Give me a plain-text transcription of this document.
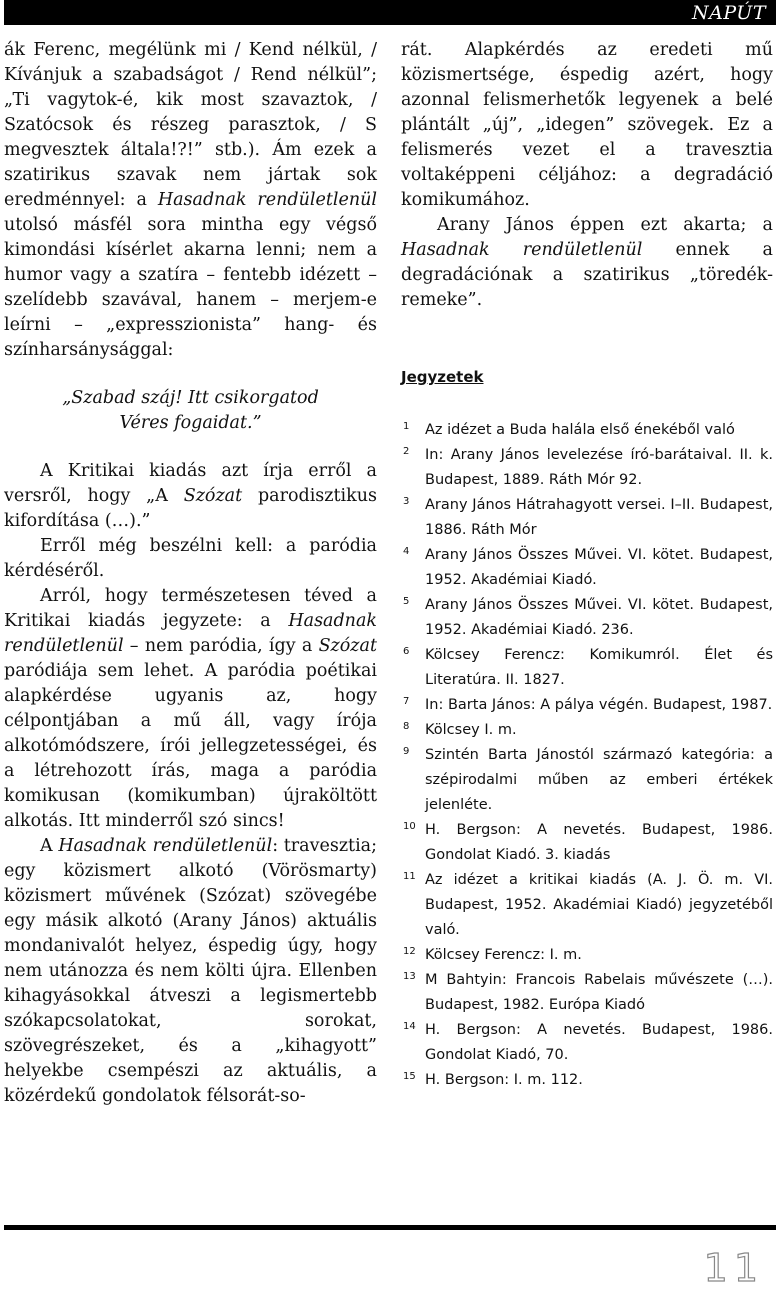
NAPÚT

ák Ferenc, megélünk mi / Kend nélkül, / Kívánjuk a szabadságot / Rend nélkül”; „Ti vagytok-é, kik most szavaztok, / Szatócsok és részeg parasztok, / S megvesztek általa!?!” stb.). Ám ezek a szatirikus szavak nem jártak sok eredménnyel: a Hasadnak rendületlenül utolsó másfél sora mintha egy végső kimondási kísérlet akarna lenni; nem a humor vagy a szatíra – fentebb idézett – szelídebb szavával, hanem – merjem-e leírni – „expresszionista” hang- és színharsánysággal:

„Szabad száj! Itt csikorgatod
Véres fogaidat.”

A Kritikai kiadás azt írja erről a versről, hogy „A Szózat parodisztikus kifordítása (…).”

Erről még beszélni kell: a paródia kérdéséről.

Arról, hogy természetesen téved a Kritikai kiadás jegyzete: a Hasadnak rendületlenül – nem paródia, így a Szózat paródiája sem lehet. A paródia poétikai alapkérdése ugyanis az, hogy célpontjában a mű áll, vagy írója alkotómódszere, írói jellegzetességei, és a létrehozott írás, maga a paródia komikusan (komikumban) újraköltött alkotás. Itt minderről szó sincs!

A Hasadnak rendületlenül: travesztia; egy közismert alkotó (Vörösmarty) közismert művének (Szózat) szövegébe egy másik alkotó (Arany János) aktuális mondanivalót helyez, éspedig úgy, hogy nem utánozza és nem költi újra. Ellenben kihagyásokkal átveszi a legismertebb szókapcsolatokat, sorokat, szövegrészeket, és a „kihagyott” helyekbe csempészi az aktuális, a közérdekű gondolatok félsorát-so-

rát. Alapkérdés az eredeti mű közismertsége, éspedig azért, hogy azonnal felismerhetők legyenek a belé plántált „új”, „idegen” szövegek. Ez a felismerés vezet el a travesztia voltaképpeni céljához: a degradáció komikumához.

Arany János éppen ezt akarta; a Hasadnak rendületlenül ennek a degradációnak a szatirikus „töredék-remeke”.

Jegyzetek
1	Az idézet a Buda halála első énekéből való
2	In: Arany János levelezése író-barátaival. II. k. Budapest, 1889. Ráth Mór 92.
3	Arany János Hátrahagyott versei. I–II. Budapest, 1886. Ráth Mór
4	Arany János Összes Művei. VI. kötet. Budapest, 1952. Akadémiai Kiadó.
5	Arany János Összes Művei. VI. kötet. Budapest, 1952. Akadémiai Kiadó. 236.
6	Kölcsey Ferencz: Komikumról. Élet és Literatúra. II. 1827.
7	In: Barta János: A pálya végén. Budapest, 1987.
8	Kölcsey I. m.
9	Szintén Barta Jánostól származó kategória: a szépirodalmi műben az emberi értékek jelenléte.
10 H. Bergson: A nevetés. Budapest, 1986. Gondolat Kiadó. 3. kiadás
11 Az idézet a kritikai kiadás (A. J. Ö. m. VI. Budapest, 1952. Akadémiai Kiadó) jegyzetéből való.
12 Kölcsey Ferencz: I. m.
13 M Bahtyin: Francois Rabelais művészete (…). Budapest, 1982. Európa Kiadó
14 H. Bergson: A nevetés. Budapest, 1986. Gondolat Kiadó, 70.
15 H. Bergson: I. m. 112.
11
